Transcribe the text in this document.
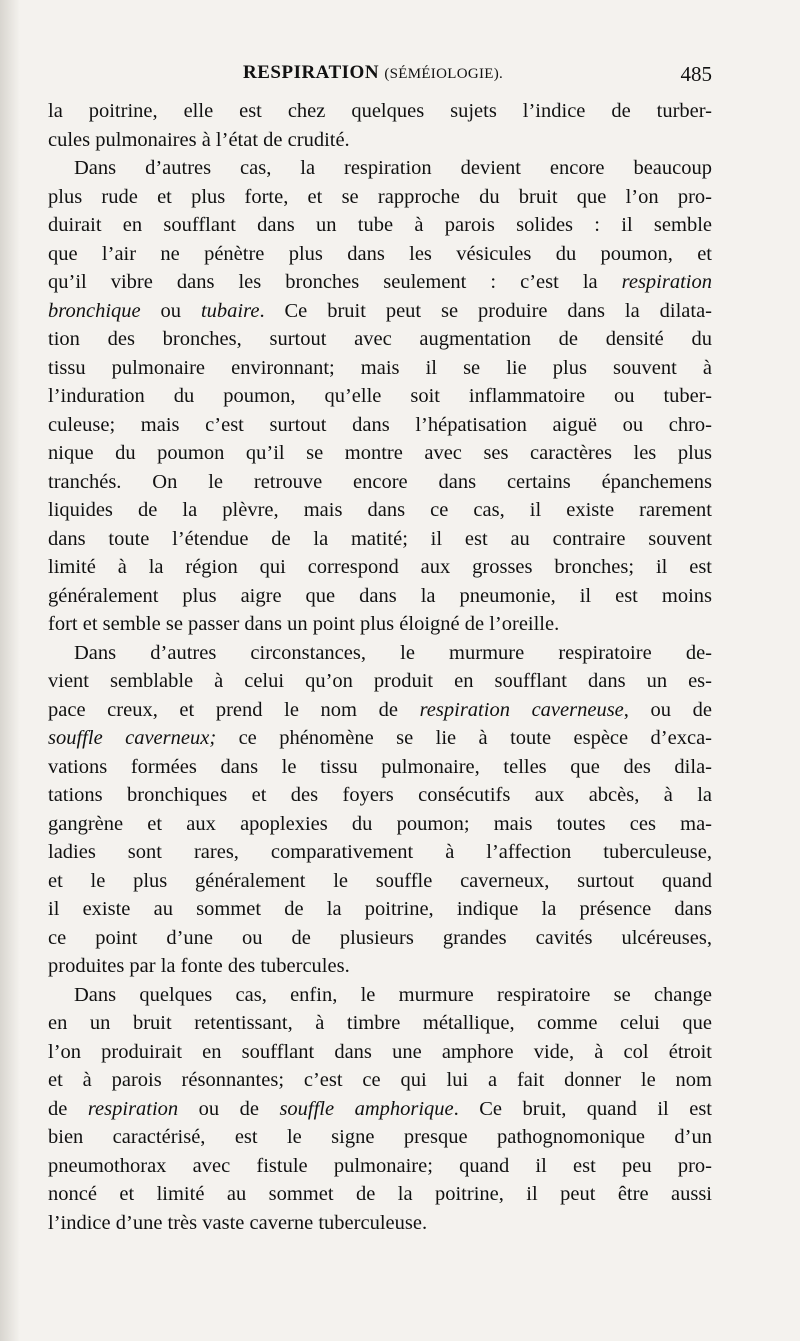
RESPIRATION (SÉMÉIOLOGIE).	485
la poitrine, elle est chez quelques sujets l’indice de turber-
cules pulmonaires à l’état de crudité.
Dans d’autres cas, la respiration devient encore beaucoup
plus rude et plus forte, et se rapproche du bruit que l’on pro-
duirait en soufflant dans un tube à parois solides : il semble
que l’air ne pénètre plus dans les vésicules du poumon, et
qu’il vibre dans les bronches seulement : c’est la respiration
bronchique ou tubaire. Ce bruit peut se produire dans la dilata-
tion des bronches, surtout avec augmentation de densité du
tissu pulmonaire environnant; mais il se lie plus souvent à
l’induration du poumon, qu’elle soit inflammatoire ou tuber-
culeuse; mais c’est surtout dans l’hépatisation aiguë ou chro-
nique du poumon qu’il se montre avec ses caractères les plus
tranchés. On le retrouve encore dans certains épanchemens
liquides de la plèvre, mais dans ce cas, il existe rarement
dans toute l’étendue de la matité; il est au contraire souvent
limité à la région qui correspond aux grosses bronches; il est
généralement plus aigre que dans la pneumonie, il est moins
fort et semble se passer dans un point plus éloigné de l’oreille.
Dans d’autres circonstances, le murmure respiratoire de-
vient semblable à celui qu’on produit en soufflant dans un es-
pace creux, et prend le nom de respiration caverneuse, ou de
souffle caverneux; ce phénomène se lie à toute espèce d’exca-
vations formées dans le tissu pulmonaire, telles que des dila-
tations bronchiques et des foyers consécutifs aux abcès, à la
gangrène et aux apoplexies du poumon; mais toutes ces ma-
ladies sont rares, comparativement à l’affection tuberculeuse,
et le plus généralement le souffle caverneux, surtout quand
il existe au sommet de la poitrine, indique la présence dans
ce point d’une ou de plusieurs grandes cavités ulcéreuses,
produites par la fonte des tubercules.
Dans quelques cas, enfin, le murmure respiratoire se change
en un bruit retentissant, à timbre métallique, comme celui que
l’on produirait en soufflant dans une amphore vide, à col étroit
et à parois résonnantes; c’est ce qui lui a fait donner le nom
de respiration ou de souffle amphorique. Ce bruit, quand il est
bien caractérisé, est le signe presque pathognomonique d’un
pneumothorax avec fistule pulmonaire; quand il est peu pro-
noncé et limité au sommet de la poitrine, il peut être aussi
l’indice d’une très vaste caverne tuberculeuse.
